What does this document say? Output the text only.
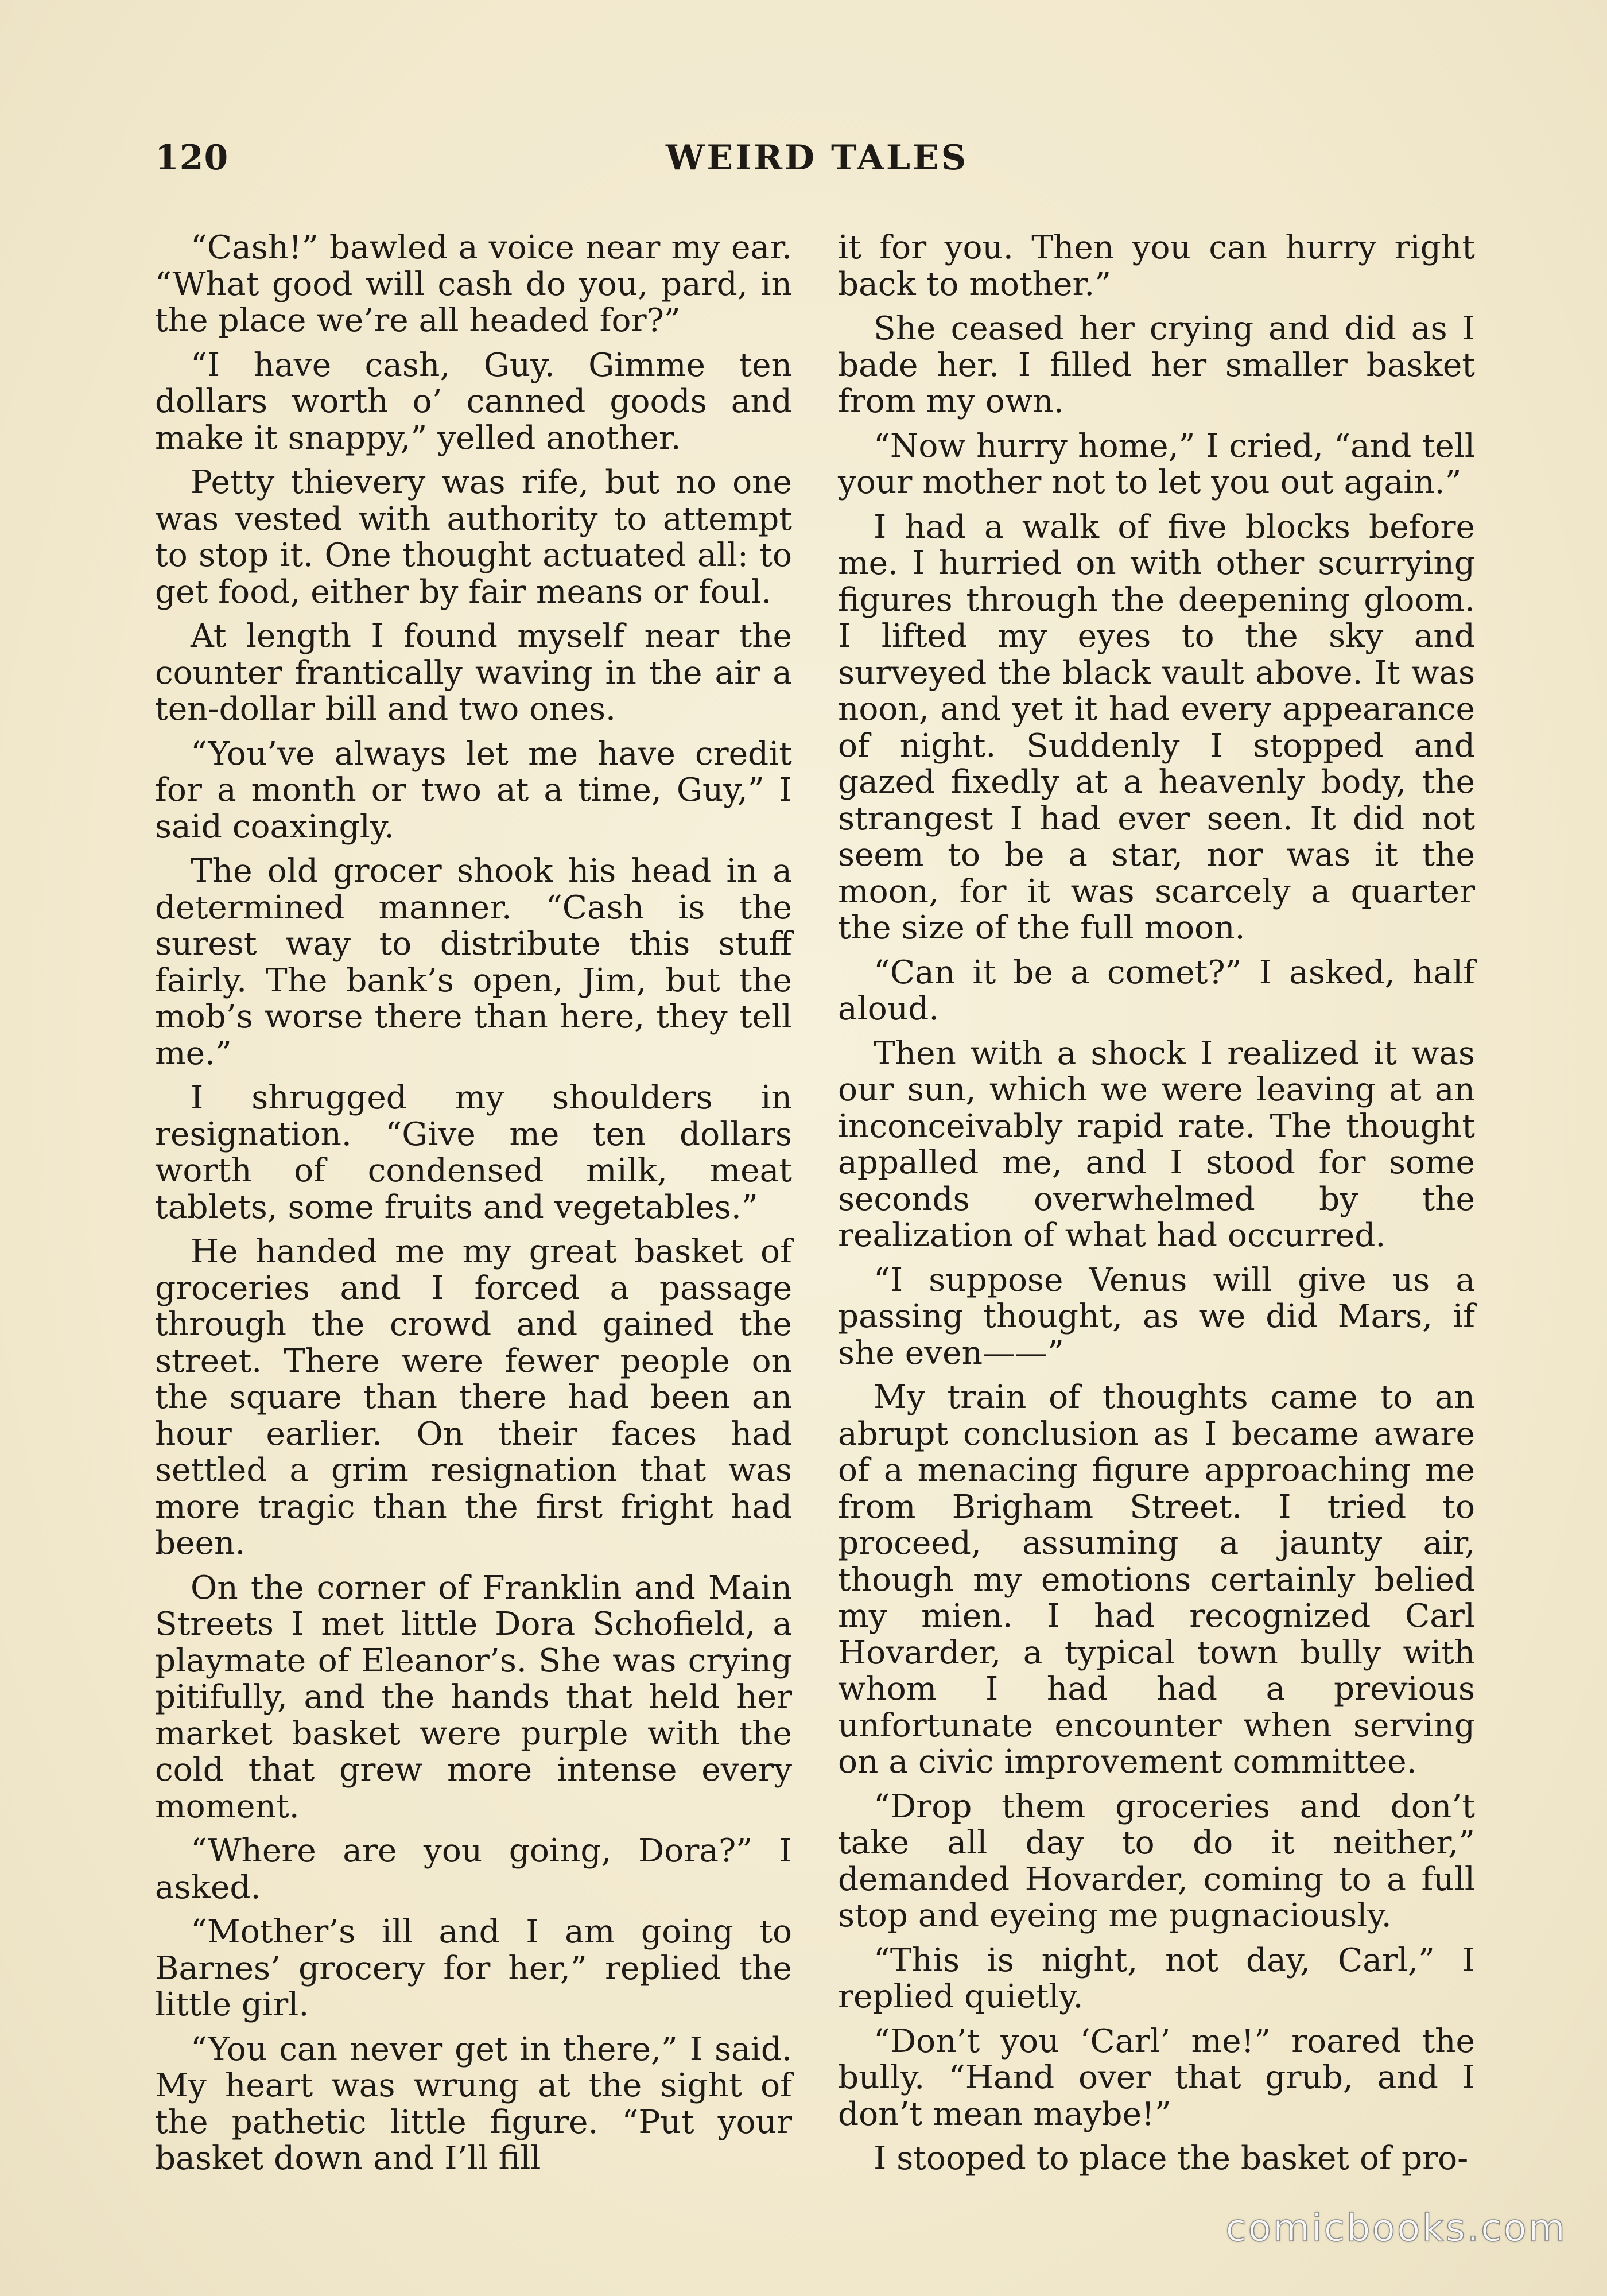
120	WEIRD TALES

“Cash!” bawled a voice near my ear. “What good will cash do you, pard, in the place we’re all headed for?”

“I have cash, Guy. Gimme ten dollars worth o’ canned goods and make it snappy,” yelled another.

Petty thievery was rife, but no one was vested with authority to attempt to stop it. One thought actuated all: to get food, either by fair means or foul.

At length I found myself near the counter frantically waving in the air a ten-dollar bill and two ones.

“You’ve always let me have credit for a month or two at a time, Guy,” I said coaxingly.

The old grocer shook his head in a determined manner. “Cash is the surest way to distribute this stuff fairly. The bank’s open, Jim, but the mob’s worse there than here, they tell me.”

I shrugged my shoulders in resignation. “Give me ten dollars worth of condensed milk, meat tablets, some fruits and vegetables.”

He handed me my great basket of groceries and I forced a passage through the crowd and gained the street. There were fewer people on the square than there had been an hour earlier. On their faces had settled a grim resignation that was more tragic than the first fright had been.

On the corner of Franklin and Main Streets I met little Dora Schofield, a playmate of Eleanor’s. She was crying pitifully, and the hands that held her market basket were purple with the cold that grew more intense every moment.

“Where are you going, Dora?” I asked.

“Mother’s ill and I am going to Barnes’ grocery for her,” replied the little girl.

“You can never get in there,” I said. My heart was wrung at the sight of the pathetic little figure. “Put your basket down and I’ll fill

it for you. Then you can hurry right back to mother.”

She ceased her crying and did as I bade her. I filled her smaller basket from my own.

“Now hurry home,” I cried, “and tell your mother not to let you out again.”

I had a walk of five blocks before me. I hurried on with other scurrying figures through the deepening gloom. I lifted my eyes to the sky and surveyed the black vault above. It was noon, and yet it had every appearance of night. Suddenly I stopped and gazed fixedly at a heavenly body, the strangest I had ever seen. It did not seem to be a star, nor was it the moon, for it was scarcely a quarter the size of the full moon.

“Can it be a comet?” I asked, half aloud.

Then with a shock I realized it was our sun, which we were leaving at an inconceivably rapid rate. The thought appalled me, and I stood for some seconds overwhelmed by the realization of what had occurred.

“I suppose Venus will give us a passing thought, as we did Mars, if she even——”

My train of thoughts came to an abrupt conclusion as I became aware of a menacing figure approaching me from Brigham Street. I tried to proceed, assuming a jaunty air, though my emotions certainly belied my mien. I had recognized Carl Hovarder, a typical town bully with whom I had had a previous unfortunate encounter when serving on a civic improvement committee.

“Drop them groceries and don’t take all day to do it neither,” demanded Hovarder, coming to a full stop and eyeing me pugnaciously.

“This is night, not day, Carl,” I replied quietly.

“Don’t you ‘Carl’ me!” roared the bully. “Hand over that grub, and I don’t mean maybe!”

I stooped to place the basket of pro-

comicbooks.com
